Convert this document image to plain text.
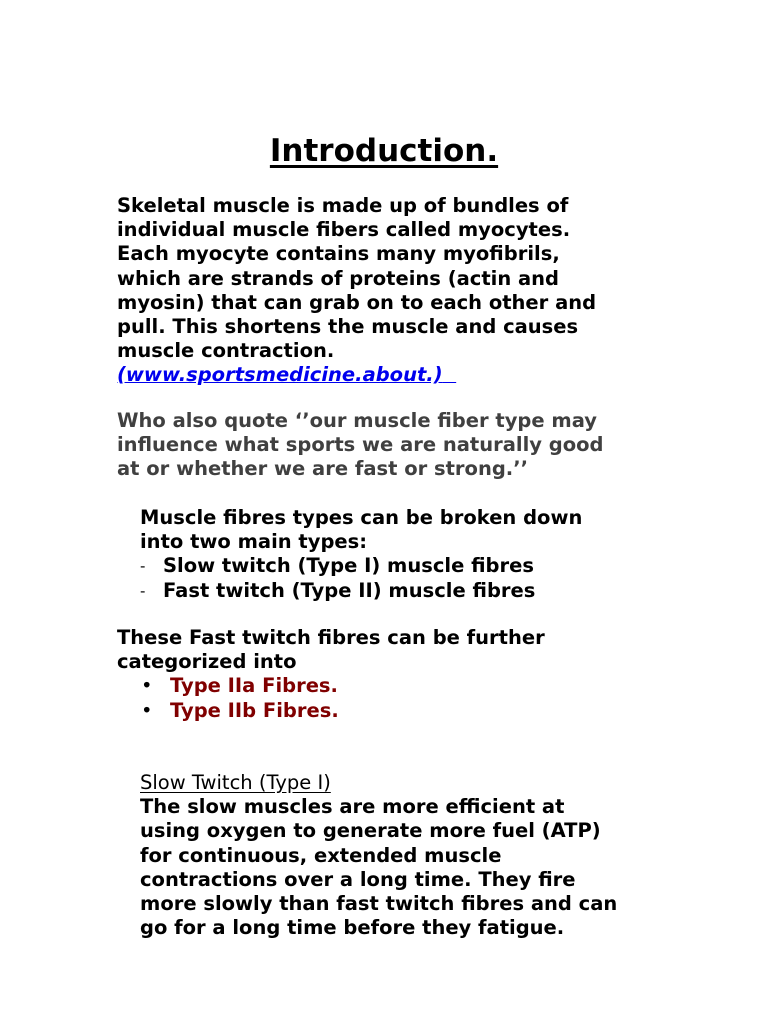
Introduction.

Skeletal muscle is made up of bundles of
individual muscle fibers called myocytes.
Each myocyte contains many myofibrils,
which are strands of proteins (actin and
myosin) that can grab on to each other and
pull. This shortens the muscle and causes
muscle contraction.
(www.sportsmedicine.about.)

Who also quote ‘’our muscle fiber type may
influence what sports we are naturally good
at or whether we are fast or strong.’’

Muscle fibres types can be broken down
into two main types:
- Slow twitch (Type I) muscle fibres
- Fast twitch (Type II) muscle fibres
These Fast twitch fibres can be further
categorized into
• Type IIa Fibres.
• Type IIb Fibres.
Slow Twitch (Type I)
The slow muscles are more efficient at
using oxygen to generate more fuel (ATP)
for continuous, extended muscle
contractions over a long time. They fire
more slowly than fast twitch fibres and can
go for a long time before they fatigue.
